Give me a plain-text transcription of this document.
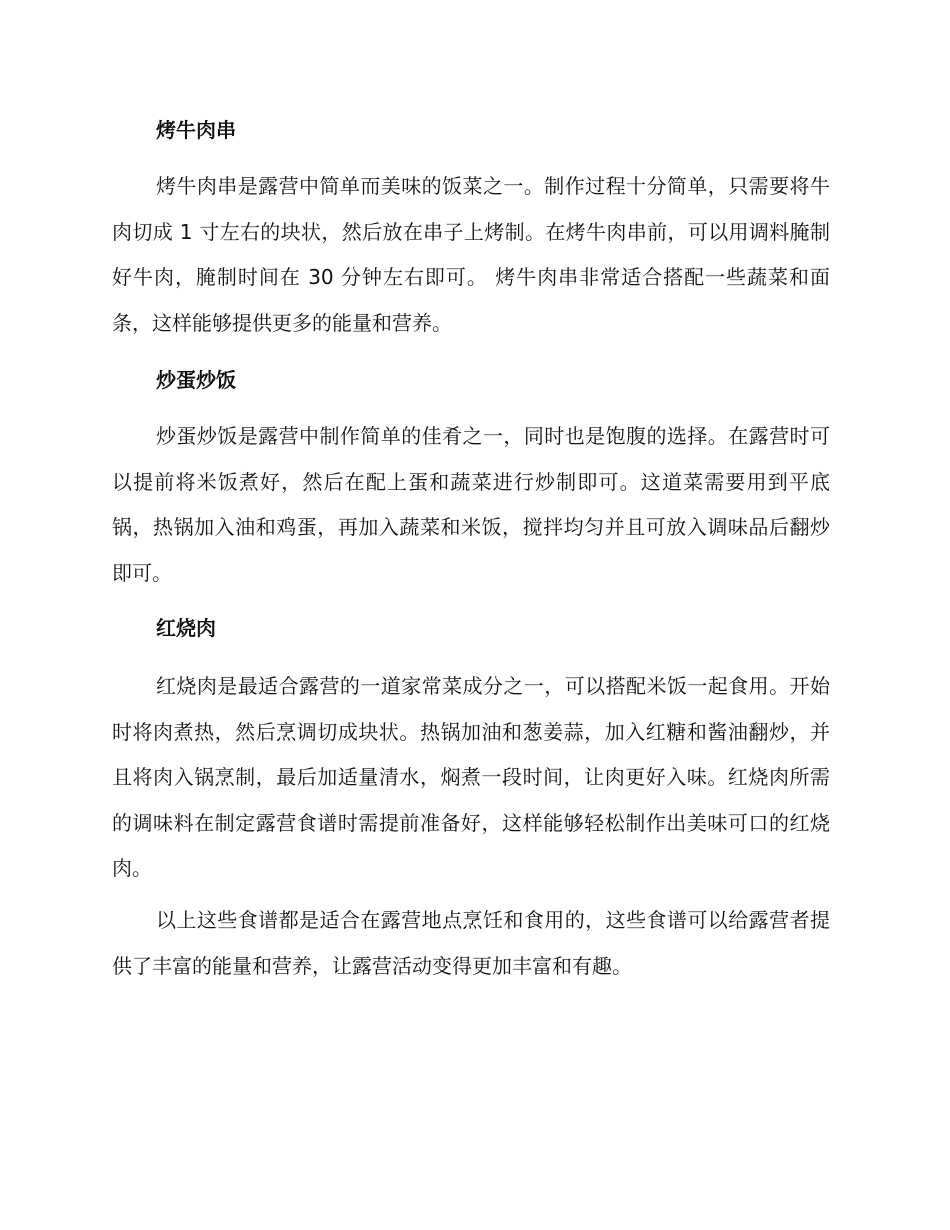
烤牛肉串

烤牛肉串是露营中简单而美味的饭菜之一。制作过程十分简单，只需要将牛肉切成 1 寸左右的块状，然后放在串子上烤制。在烤牛肉串前，可以用调料腌制好牛肉，腌制时间在 30 分钟左右即可。 烤牛肉串非常适合搭配一些蔬菜和面条，这样能够提供更多的能量和营养。

炒蛋炒饭

炒蛋炒饭是露营中制作简单的佳肴之一，同时也是饱腹的选择。在露营时可以提前将米饭煮好，然后在配上蛋和蔬菜进行炒制即可。这道菜需要用到平底锅，热锅加入油和鸡蛋，再加入蔬菜和米饭，搅拌均匀并且可放入调味品后翻炒即可。

红烧肉

红烧肉是最适合露营的一道家常菜成分之一，可以搭配米饭一起食用。开始时将肉煮热，然后烹调切成块状。热锅加油和葱姜蒜，加入红糖和酱油翻炒，并且将肉入锅烹制，最后加适量清水，焖煮一段时间，让肉更好入味。红烧肉所需的调味料在制定露营食谱时需提前准备好，这样能够轻松制作出美味可口的红烧肉。

以上这些食谱都是适合在露营地点烹饪和食用的，这些食谱可以给露营者提供了丰富的能量和营养，让露营活动变得更加丰富和有趣。
